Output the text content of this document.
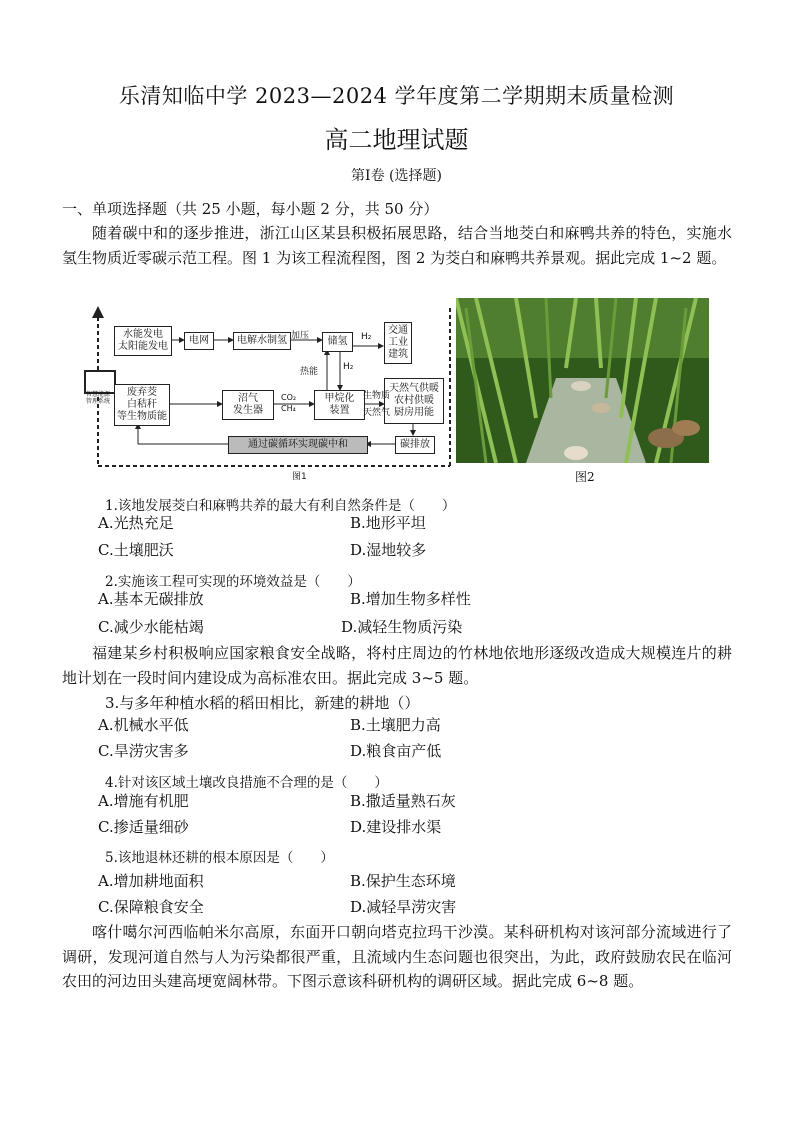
乐清知临中学 2023—2024 学年度第二学期期末质量检测
高二地理试题
第Ⅰ卷 (选择题)
一、单项选择题（共 25 小题，每小题 2 分，共 50 分）
随着碳中和的逐步推进，浙江山区某县积极拓展思路，结合当地茭白和麻鸭共养的特色，实施水氢生物质近零碳示范工程。图 1 为该工程流程图，图 2 为茭白和麻鸭共养景观。据此完成 1~2 题。
水能发电
太阳能发电
电网	电解水制氢	储氢
交通
工业
建筑
智慧能源
管理系统
废弃茭
白秸秆
等生物质能
沼气
发生器
甲烷化
装置
天然气供暖
农村供暖
厨房用能
碳排放
通过碳循环实现碳中和
加压	H₂
H₂
热能
CO₂
CH₄
生物质
天然气
图1	图2
1.该地发展茭白和麻鸭共养的最大有利自然条件是（　　）
A.光热充足	B.地形平坦
C.土壤肥沃	D.湿地较多
2.实施该工程可实现的环境效益是（　　）
A.基本无碳排放	B.增加生物多样性
C.减少水能枯竭	D.减轻生物质污染
福建某乡村积极响应国家粮食安全战略，将村庄周边的竹林地依地形逐级改造成大规模连片的耕地计划在一段时间内建设成为高标准农田。据此完成 3~5 题。
3.与多年种植水稻的稻田相比，新建的耕地（）
A.机械水平低	B.土壤肥力高
C.旱涝灾害多	D.粮食亩产低
4.针对该区域土壤改良措施不合理的是（　　）
A.增施有机肥	B.撒适量熟石灰
C.掺适量细砂	D.建设排水渠
5.该地退林还耕的根本原因是（　　）
A.增加耕地面积	B.保护生态环境
C.保障粮食安全	D.减轻旱涝灾害
喀什噶尔河西临帕米尔高原，东面开口朝向塔克拉玛干沙漠。某科研机构对该河部分流域进行了调研，发现河道自然与人为污染都很严重，且流域内生态问题也很突出，为此，政府鼓励农民在临河农田的河边田头建高埂宽阔林带。下图示意该科研机构的调研区域。据此完成 6~8 题。
